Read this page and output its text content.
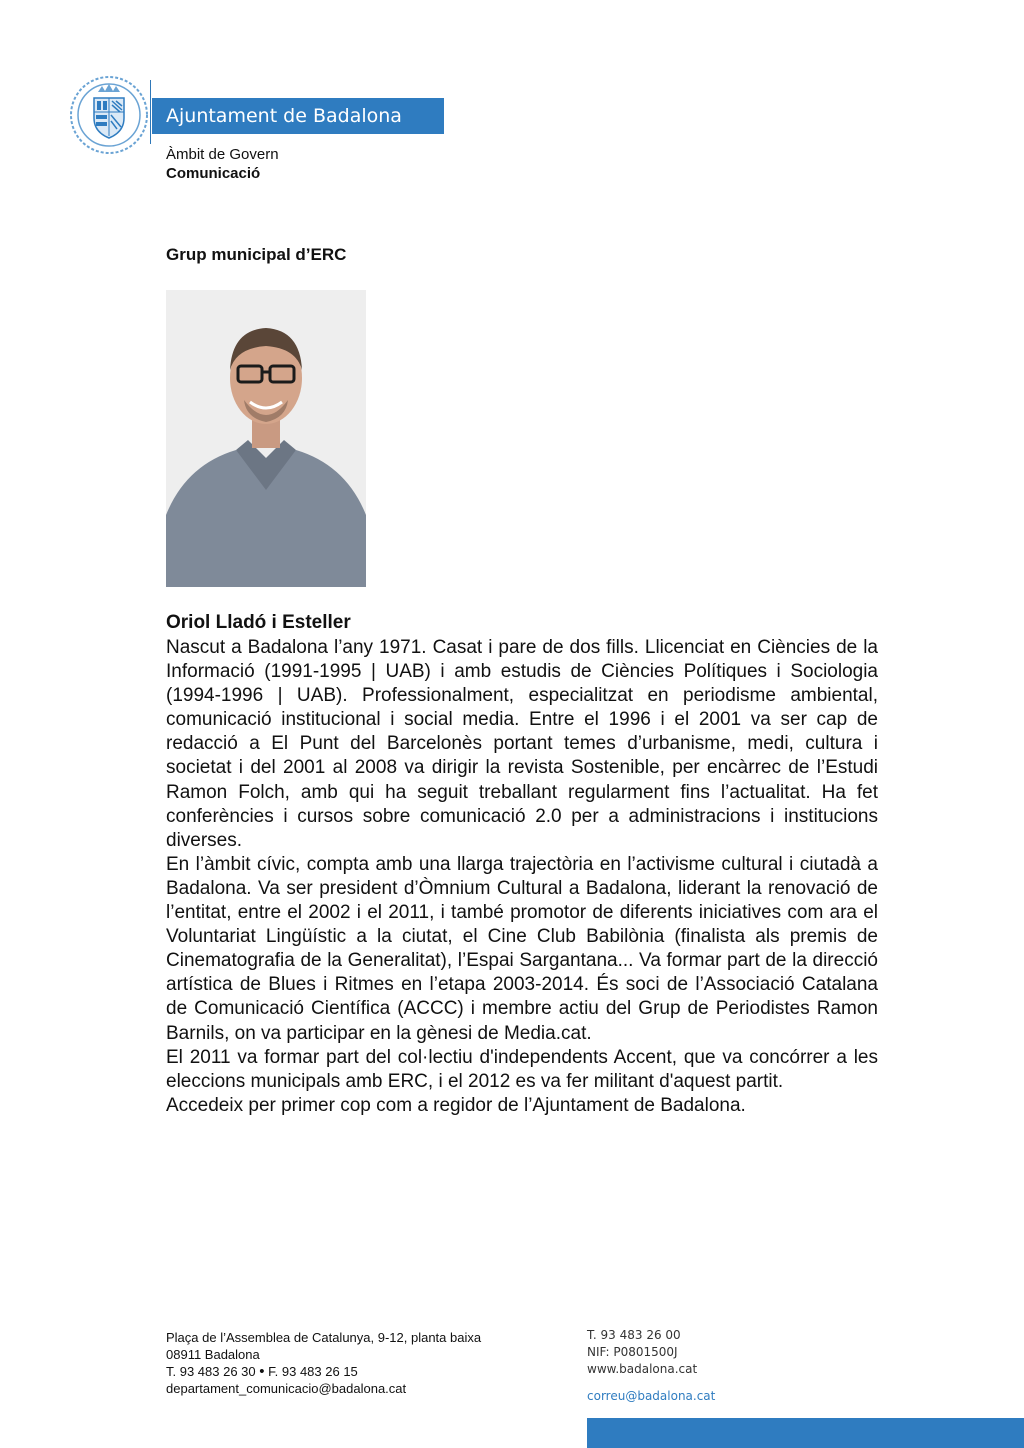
Ajuntament de Badalona
Àmbit de Govern
Comunicació
Grup municipal d’ERC
Oriol Lladó i Esteller

Nascut a Badalona l’any 1971. Casat i pare de dos fills. Llicenciat en Ciències de la Informació (1991-1995 | UAB) i amb estudis de Ciències Polítiques i Sociologia (1994-1996 | UAB). Professionalment, especialitzat en periodisme ambiental, comunicació institucional i social media. Entre el 1996 i el 2001 va ser cap de redacció a El Punt del Barcelonès portant temes d’urbanisme, medi, cultura i societat i del 2001 al 2008 va dirigir la revista Sostenible, per encàrrec de l’Estudi Ramon Folch, amb qui ha seguit treballant regularment fins l’actualitat. Ha fet conferències i cursos sobre comunicació 2.0 per a administracions i institucions diverses.

En l’àmbit cívic, compta amb una llarga trajectòria en l’activisme cultural i ciutadà a Badalona. Va ser president d’Òmnium Cultural a Badalona, liderant la renovació de l’entitat, entre el 2002 i el 2011, i també promotor de diferents iniciatives com ara el Voluntariat Lingüístic a la ciutat, el Cine Club Babilònia (finalista als premis de Cinematografia de la Generalitat), l’Espai Sargantana... Va formar part de la direcció artística de Blues i Ritmes en l’etapa 2003-2014. És soci de l’Associació Catalana de Comunicació Científica (ACCC) i membre actiu del Grup de Periodistes Ramon Barnils, on va participar en la gènesi de Media.cat.

El 2011 va formar part del col·lectiu d'independents Accent, que va concórrer a les eleccions municipals amb ERC, i el 2012 es va fer militant d'aquest partit.

Accedeix per primer cop com a regidor de l’Ajuntament de Badalona.

Plaça de l’Assemblea de Catalunya, 9-12, planta baixa
08911 Badalona
T. 93 483 26 30 • F. 93 483 26 15
departament_comunicacio@badalona.cat
T. 93 483 26 00
NIF: P0801500J
www.badalona.cat
correu@badalona.cat
